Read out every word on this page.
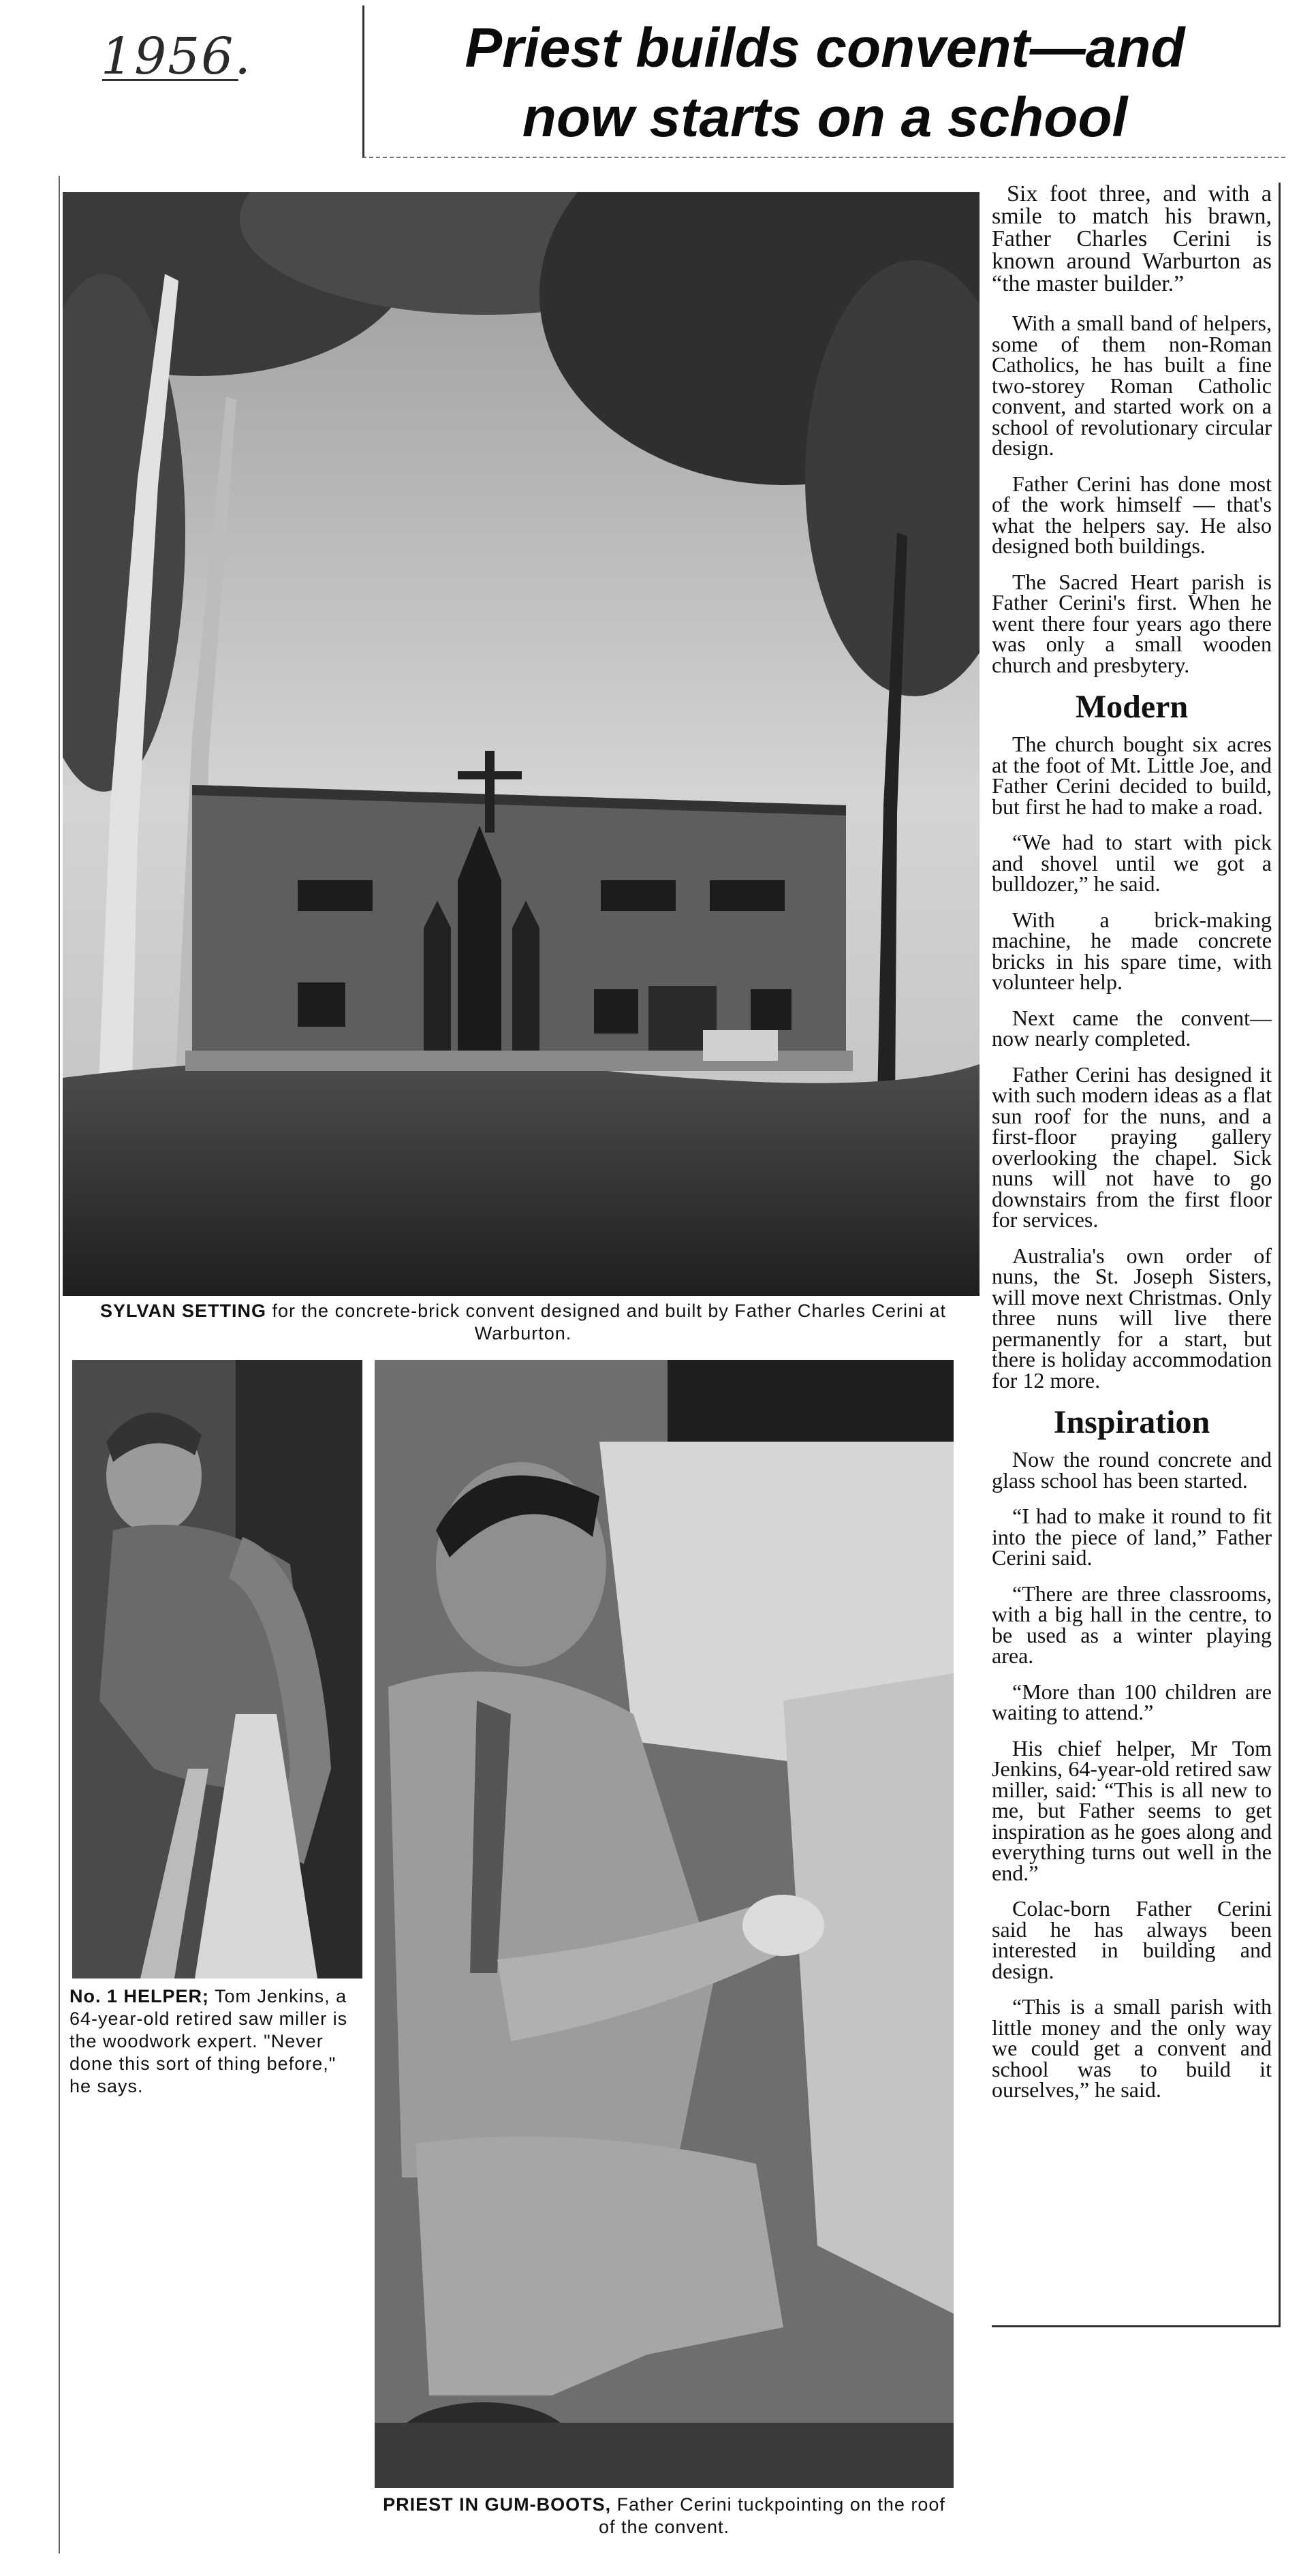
1956.	Priest builds convent—and
now starts on a school
SYLVAN SETTING for the concrete-brick convent designed and built by Father Charles Cerini at Warburton.
No. 1 HELPER; Tom Jenkins, a 64-year-old retired saw miller is the woodwork expert. "Never done this sort of thing before," he says.
PRIEST IN GUM-BOOTS, Father Cerini tuckpointing on the roof of the convent.

Six foot three, and with a smile to match his brawn, Father Charles Cerini is known around Warburton as “the master builder.”

With a small band of helpers, some of them non-Roman Catholics, he has built a fine two-storey Roman Catholic convent, and started work on a school of revolutionary circular design.

Father Cerini has done most of the work himself — that's what the helpers say. He also designed both buildings.

The Sacred Heart parish is Father Cerini's first. When he went there four years ago there was only a small wooden church and presbytery.

Modern

The church bought six acres at the foot of Mt. Little Joe, and Father Cerini decided to build, but first he had to make a road.

“We had to start with pick and shovel until we got a bulldozer,” he said.

With a brick-making machine, he made concrete bricks in his spare time, with volunteer help.

Next came the convent—now nearly completed.

Father Cerini has designed it with such modern ideas as a flat sun roof for the nuns, and a first-floor praying gallery overlooking the chapel. Sick nuns will not have to go downstairs from the first floor for services.

Australia's own order of nuns, the St. Joseph Sisters, will move next Christmas. Only three nuns will live there permanently for a start, but there is holiday accommodation for 12 more.

Inspiration

Now the round concrete and glass school has been started.

“I had to make it round to fit into the piece of land,” Father Cerini said.

“There are three classrooms, with a big hall in the centre, to be used as a winter playing area.

“More than 100 children are waiting to attend.”

His chief helper, Mr Tom Jenkins, 64-year-old retired saw miller, said: “This is all new to me, but Father seems to get inspiration as he goes along and everything turns out well in the end.”

Colac-born Father Cerini said he has always been interested in building and design.

“This is a small parish with little money and the only way we could get a convent and school was to build it ourselves,” he said.
